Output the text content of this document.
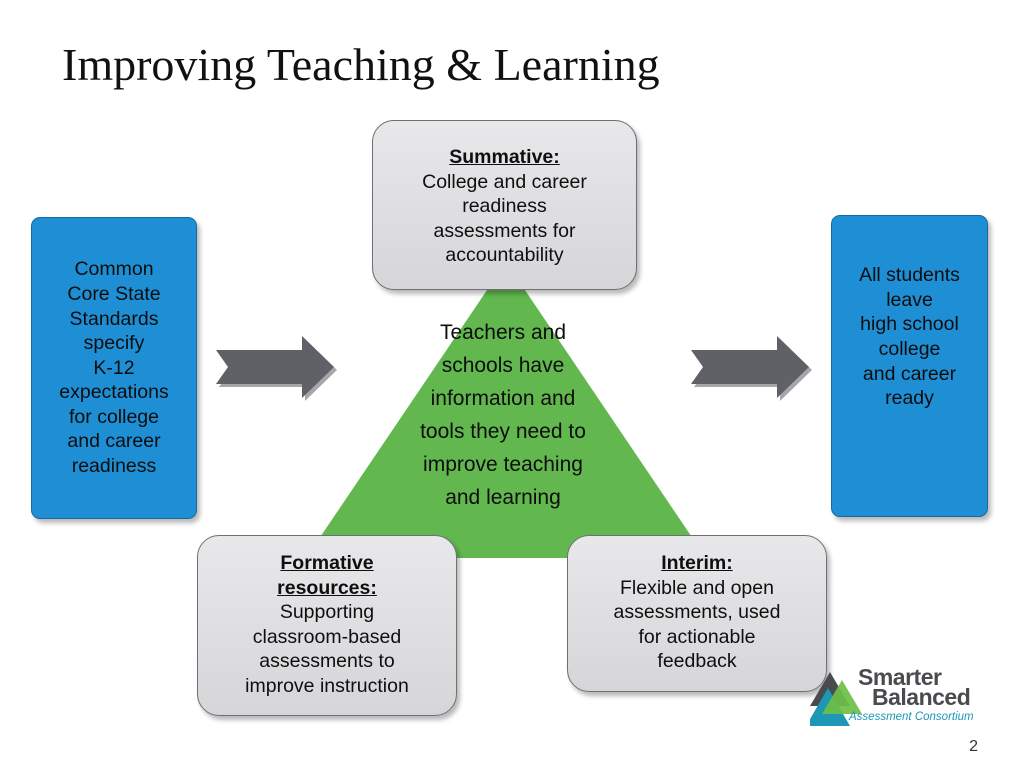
Improving Teaching & Learning
Teachers and
schools have
information and
tools they need to
improve teaching
and learning
Summative:
College and career
readiness
assessments for
accountability
Formative
resources:
Supporting
classroom-based
assessments to
improve instruction
Interim:
Flexible and open
assessments, used
for actionable
feedback
Common
Core State
Standards
specify
K-12
expectations
for college
and career
readiness
All students
leave
high school
college
and career
ready
Smarter
Balanced
Assessment Consortium
2
